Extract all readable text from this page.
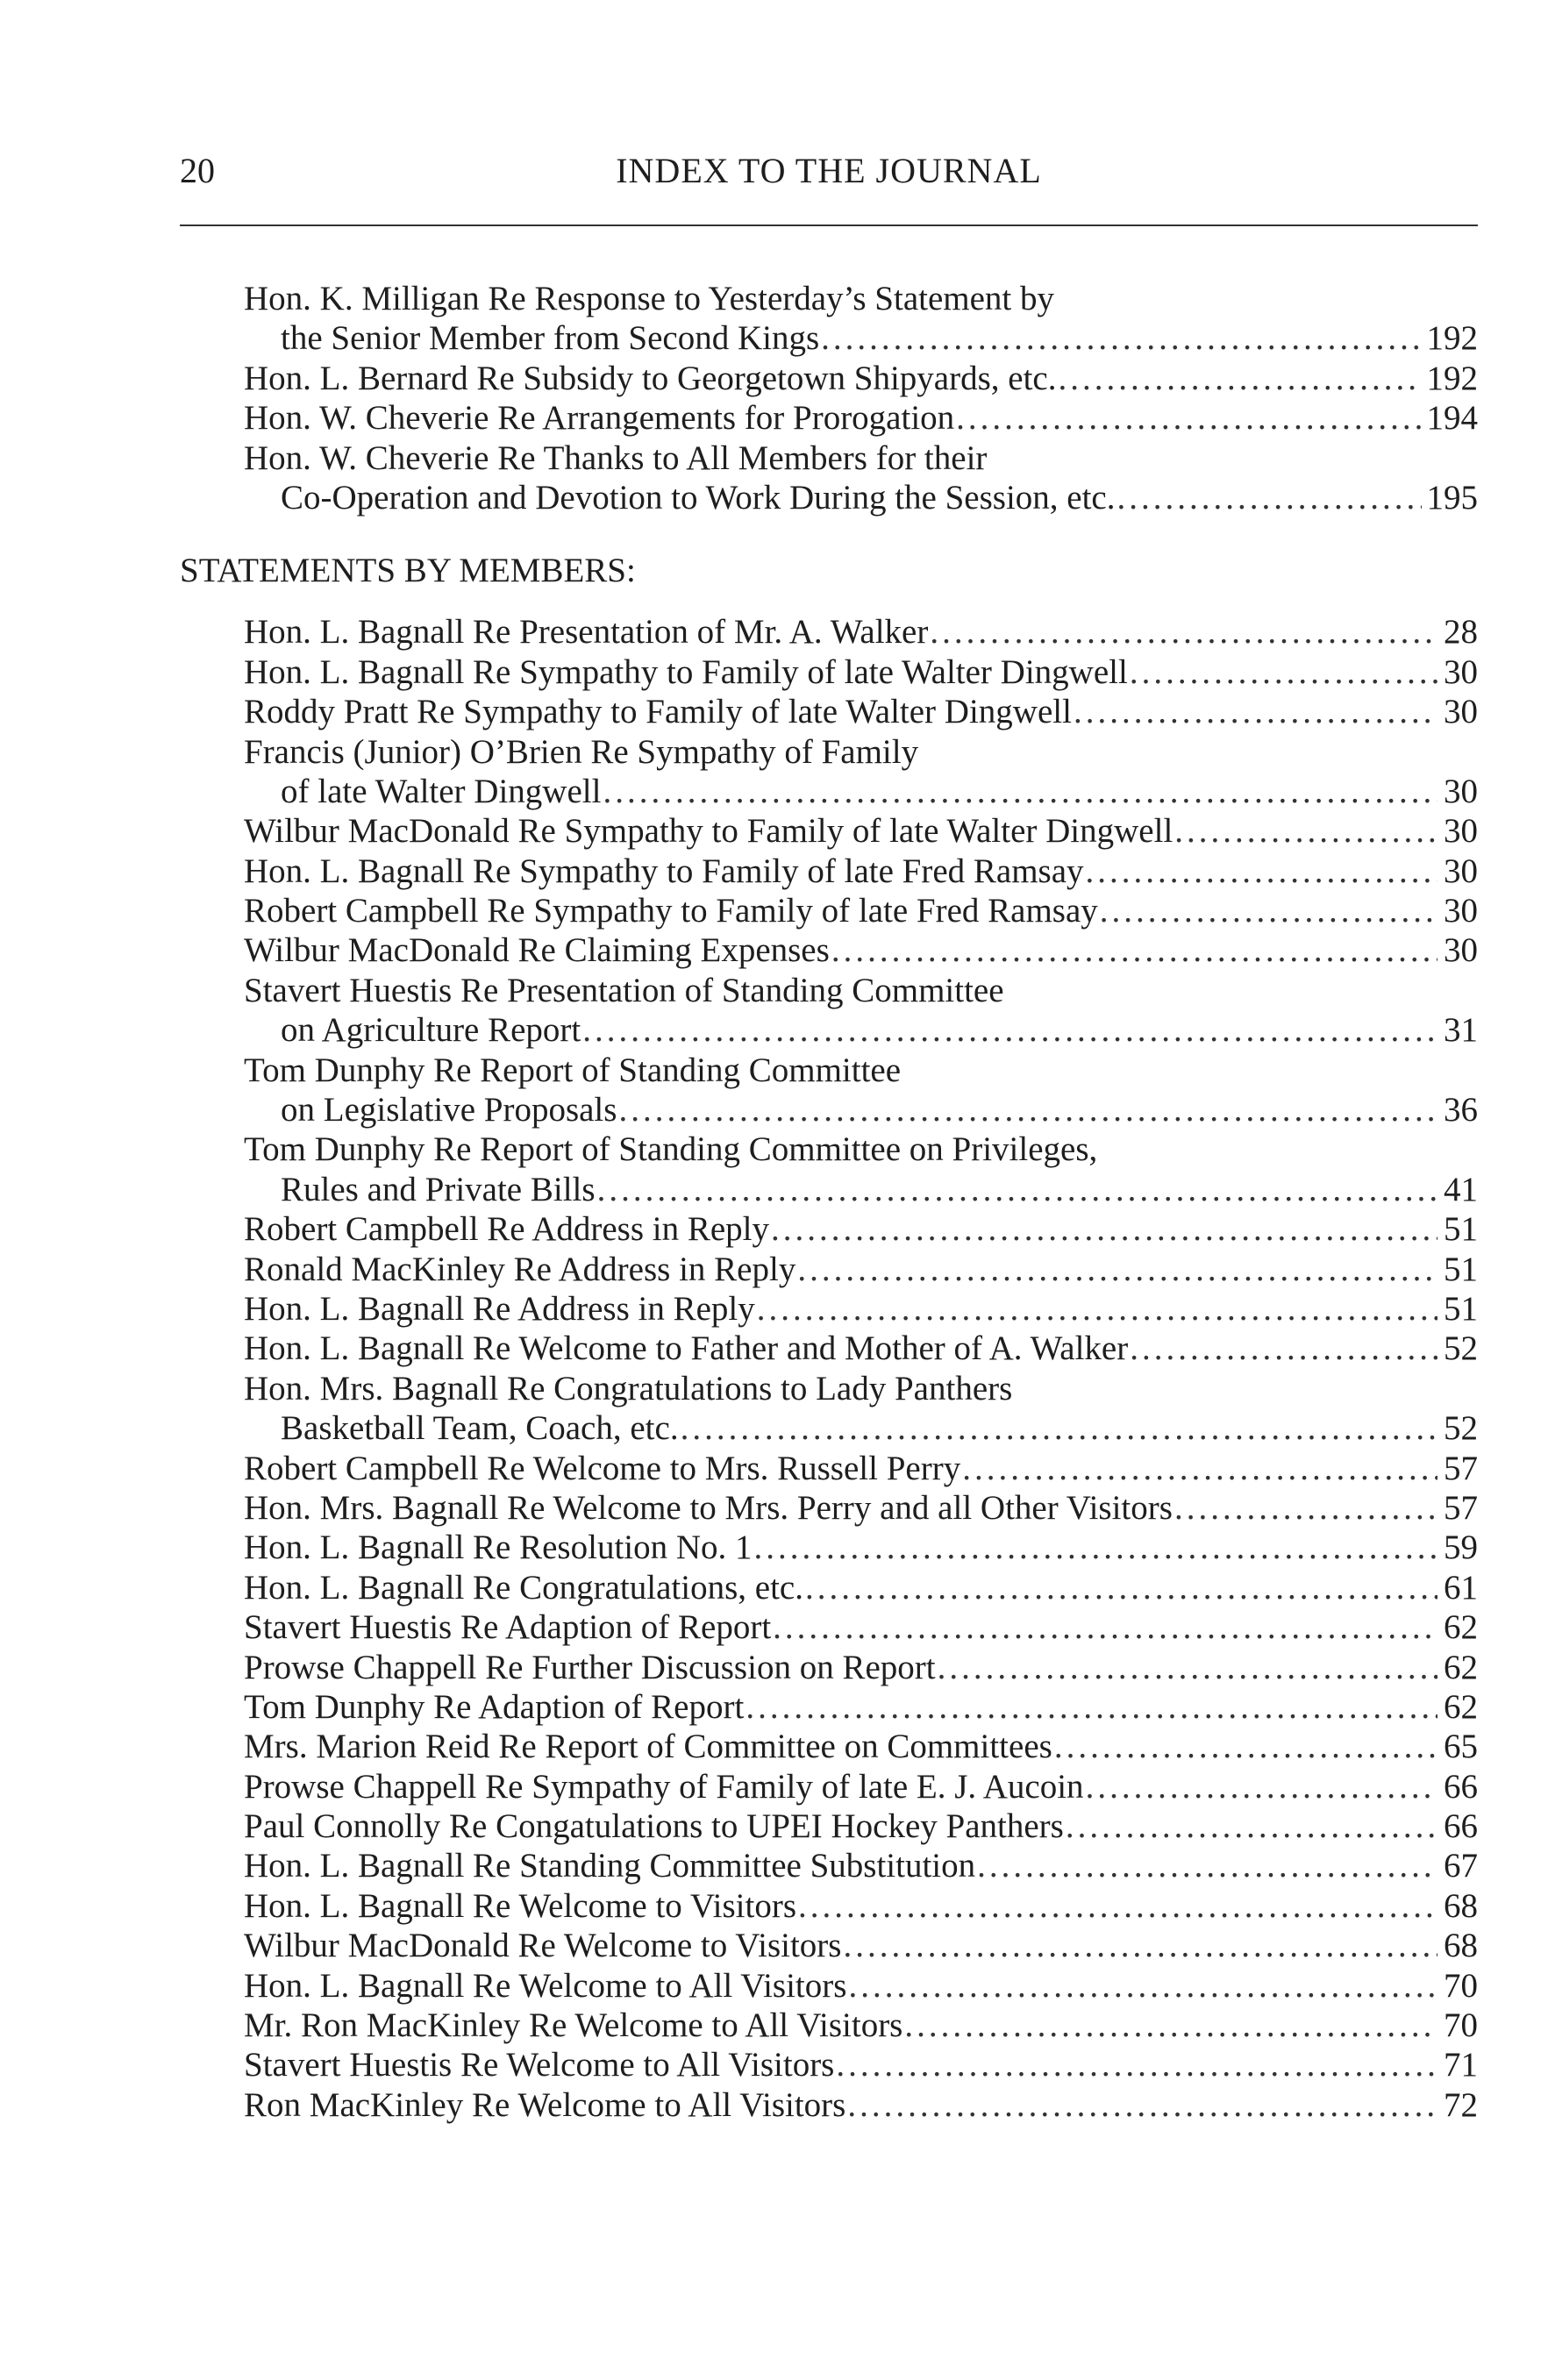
20	INDEX TO THE JOURNAL
Hon. K. Milligan Re Response to Yesterday’s Statement by
the Senior Member from Second Kings .....	192
Hon. L. Bernard Re Subsidy to Georgetown Shipyards, etc. .....	192
Hon. W. Cheverie Re Arrangements for Prorogation .....	194
Hon. W. Cheverie Re Thanks to All Members for their
Co-Operation and Devotion to Work During the Session, etc. .....	195
STATEMENTS BY MEMBERS:
Hon. L. Bagnall Re Presentation of Mr. A. Walker .....	28
Hon. L. Bagnall Re Sympathy to Family of late Walter Dingwell .....	30
Roddy Pratt Re Sympathy to Family of late Walter Dingwell .....	30
Francis (Junior) O’Brien Re Sympathy of Family
of late Walter Dingwell .....	30
Wilbur MacDonald Re Sympathy to Family of late Walter Dingwell .....	30
Hon. L. Bagnall Re Sympathy to Family of late Fred Ramsay .....	30
Robert Campbell Re Sympathy to Family of late Fred Ramsay .....	30
Wilbur MacDonald Re Claiming Expenses .....	30
Stavert Huestis Re Presentation of Standing Committee
on Agriculture Report .....	31
Tom Dunphy Re Report of Standing Committee
on Legislative Proposals .....	36
Tom Dunphy Re Report of Standing Committee on Privileges,
Rules and Private Bills .....	41
Robert Campbell Re Address in Reply .....	51
Ronald MacKinley Re Address in Reply .....	51
Hon. L. Bagnall Re Address in Reply .....	51
Hon. L. Bagnall Re Welcome to Father and Mother of A. Walker .....	52
Hon. Mrs. Bagnall Re Congratulations to Lady Panthers
Basketball Team, Coach, etc. .....	52
Robert Campbell Re Welcome to Mrs. Russell Perry .....	57
Hon. Mrs. Bagnall Re Welcome to Mrs. Perry and all Other Visitors .....	57
Hon. L. Bagnall Re Resolution No. 1 .....	59
Hon. L. Bagnall Re Congratulations, etc. .....	61
Stavert Huestis Re Adaption of Report .....	62
Prowse Chappell Re Further Discussion on Report .....	62
Tom Dunphy Re Adaption of Report .....	62
Mrs. Marion Reid Re Report of Committee on Committees .....	65
Prowse Chappell Re Sympathy of Family of late E. J. Aucoin .....	66
Paul Connolly Re Congatulations to UPEI Hockey Panthers .....	66
Hon. L. Bagnall Re Standing Committee Substitution .....	67
Hon. L. Bagnall Re Welcome to Visitors .....	68
Wilbur MacDonald Re Welcome to Visitors .....	68
Hon. L. Bagnall Re Welcome to All Visitors .....	70
Mr. Ron MacKinley Re Welcome to All Visitors .....	70
Stavert Huestis Re Welcome to All Visitors .....	71
Ron MacKinley Re Welcome to All Visitors .....	72
